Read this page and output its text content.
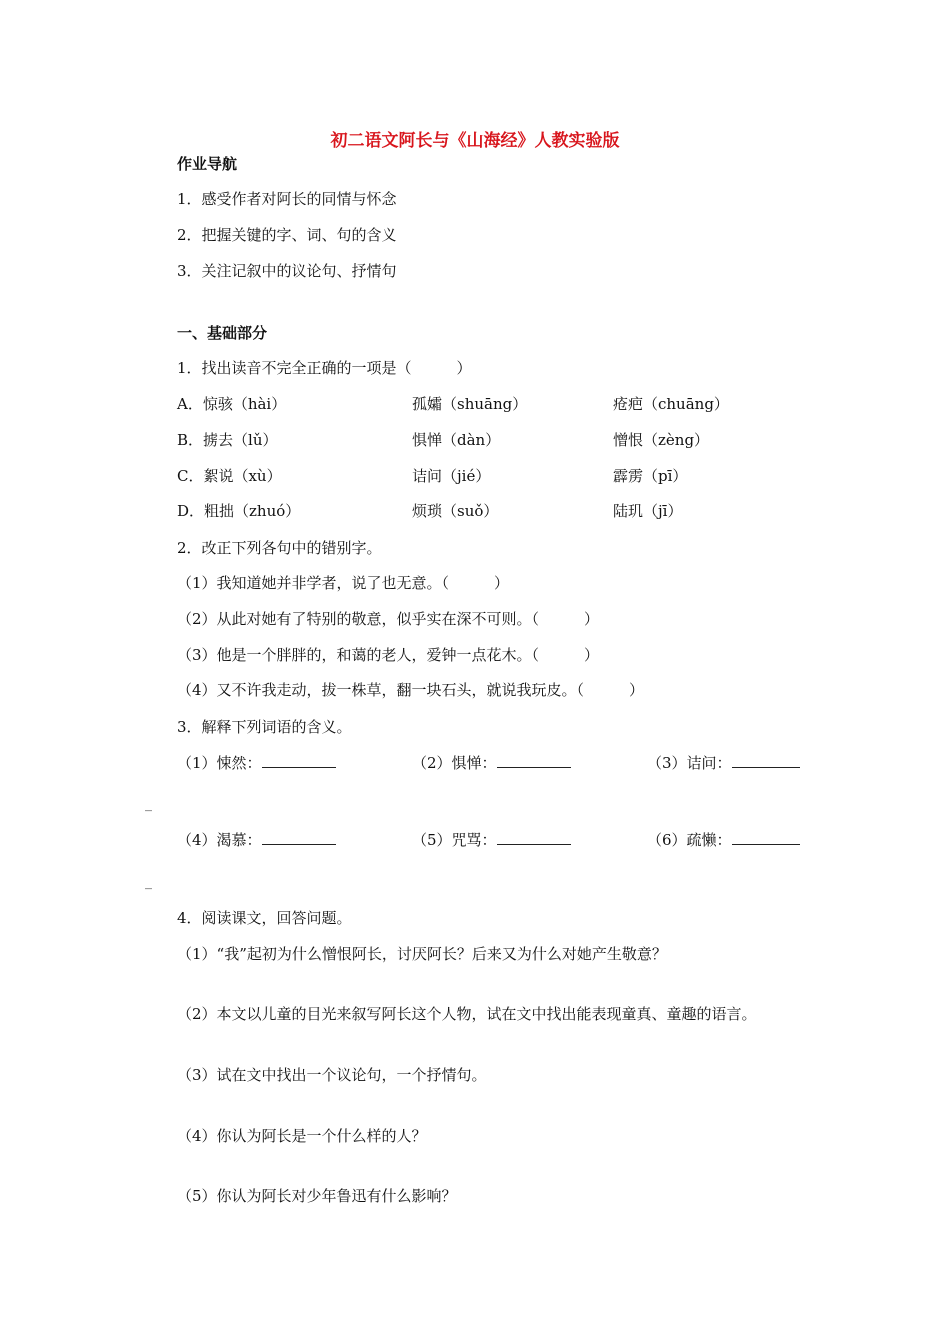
初二语文阿长与《山海经》人教实验版
作业导航
1．感受作者对阿长的同情与怀念
2．把握关键的字、词、句的含义
3．关注记叙中的议论句、抒情句
一、基础部分
1．找出读音不完全正确的一项是（　　　）
A．惊骇（hài）	孤孀（shuāng）	疮疤（chuāng）
B．掳去（lǔ）	惧惮（dàn）	憎恨（zèng）
C．絮说（xù）	诘问（jié）	霹雳（pī）
D．粗拙（zhuó）	烦琐（suǒ）	陆玑（jī）
2．改正下列各句中的错别字。
（1）我知道她并非学者，说了也无意。（　　　）
（2）从此对她有了特别的敬意，似乎实在深不可则。（　　　）
（3）他是一个胖胖的，和蔼的老人，爱钟一点花木。（　　　）
（4）又不许我走动，拔一株草，翻一块石头，就说我玩皮。（　　　）
3．解释下列词语的含义。
（1）悚然：	（2）惧惮：	（3）诘问：
_
（4）渴慕：	（5）咒骂：	（6）疏懒：
_
4．阅读课文，回答问题。
（1）“我”起初为什么憎恨阿长，讨厌阿长？后来又为什么对她产生敬意？
（2）本文以儿童的目光来叙写阿长这个人物，试在文中找出能表现童真、童趣的语言。
（3）试在文中找出一个议论句，一个抒情句。
（4）你认为阿长是一个什么样的人？
（5）你认为阿长对少年鲁迅有什么影响？
